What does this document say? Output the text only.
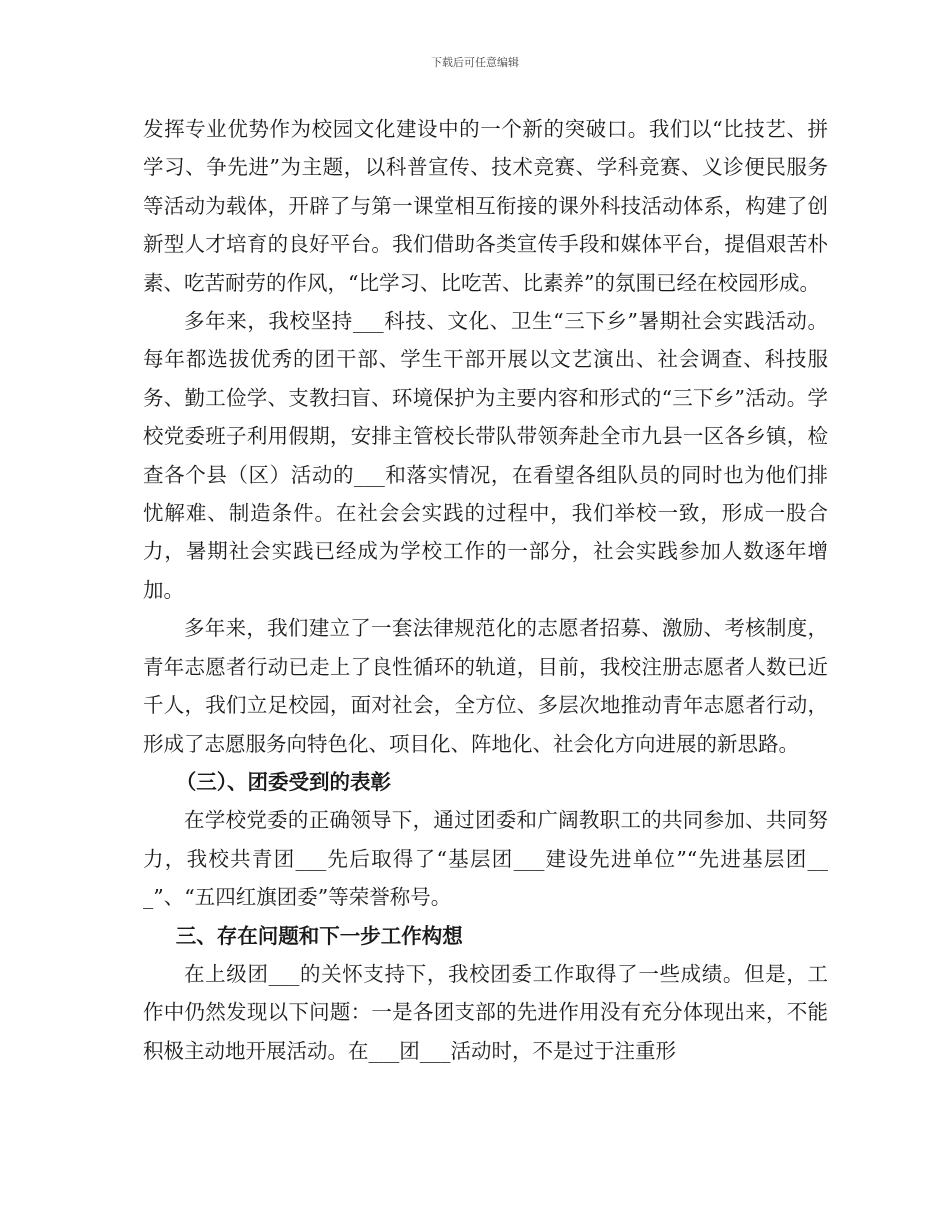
下载后可任意编辑

发挥专业优势作为校园文化建设中的一个新的突破口。我们以“比技艺、拼学习、争先进”为主题，以科普宣传、技术竞赛、学科竞赛、义诊便民服务等活动为载体，开辟了与第一课堂相互衔接的课外科技活动体系，构建了创新型人才培育的良好平台。我们借助各类宣传手段和媒体平台，提倡艰苦朴素、吃苦耐劳的作风，“比学习、比吃苦、比素养”的氛围已经在校园形成。

多年来，我校坚持___科技、文化、卫生“三下乡”暑期社会实践活动。每年都选拔优秀的团干部、学生干部开展以文艺演出、社会调查、科技服务、勤工俭学、支教扫盲、环境保护为主要内容和形式的“三下乡”活动。学校党委班子利用假期，安排主管校长带队带领奔赴全市九县一区各乡镇，检查各个县（区）活动的___和落实情况，在看望各组队员的同时也为他们排忧解难、制造条件。在社会会实践的过程中，我们举校一致，形成一股合力，暑期社会实践已经成为学校工作的一部分，社会实践参加人数逐年增加。

多年来，我们建立了一套法律规范化的志愿者招募、激励、考核制度，青年志愿者行动已走上了良性循环的轨道，目前，我校注册志愿者人数已近千人，我们立足校园，面对社会，全方位、多层次地推动青年志愿者行动，形成了志愿服务向特色化、项目化、阵地化、社会化方向进展的新思路。

（三）、团委受到的表彰

在学校党委的正确领导下，通过团委和广阔教职工的共同参加、共同努力，我校共青团___先后取得了“基层团___建设先进单位”“先进基层团___”、“五四红旗团委”等荣誉称号。

三、存在问题和下一步工作构想

在上级团___的关怀支持下，我校团委工作取得了一些成绩。但是，工作中仍然发现以下问题：一是各团支部的先进作用没有充分体现出来，不能积极主动地开展活动。在___团___活动时，不是过于注重形
